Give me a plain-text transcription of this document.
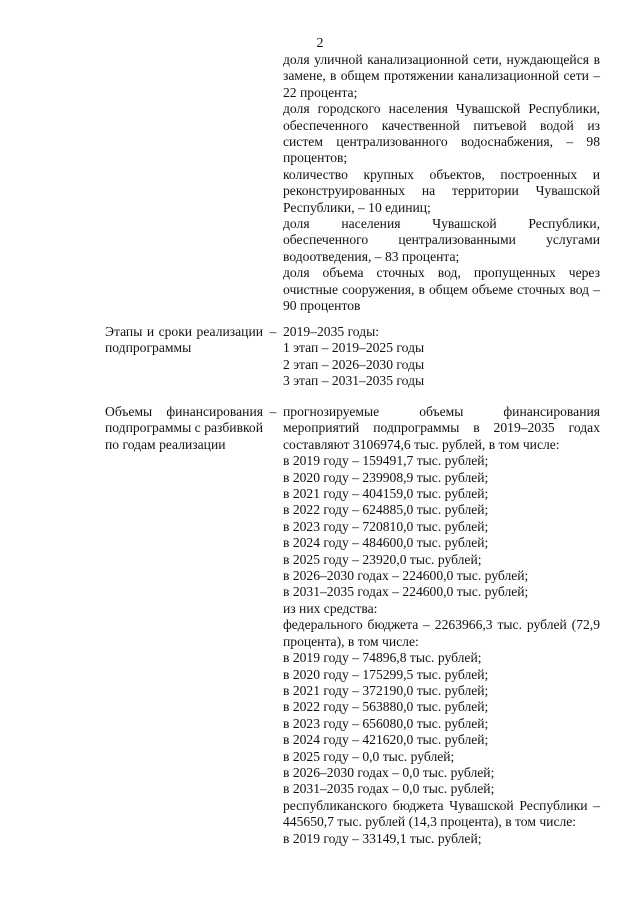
2
доля уличной канализационной сети, нуждающейся в замене, в общем протяжении канализационной сети – 22 процента;
доля городского населения Чувашской Республики, обеспеченного качественной питьевой водой из систем централизованного водоснабжения, – 98 процентов;
количество крупных объектов, построенных и реконструированных на территории Чувашской Республики, – 10 единиц;
доля населения Чувашской Республики, обеспеченного централизованными услугами водоотведения, – 83 процента;
доля объема сточных вод, пропущенных через очистные сооружения, в общем объеме сточных вод – 90 процентов
Этапы и сроки реализации подпрограммы
– 2019–2035 годы:
1 этап – 2019–2025 годы
2 этап – 2026–2030 годы
3 этап – 2031–2035 годы
Объемы финансирования подпрограммы с разбивкой по годам реализации
– прогнозируемые объемы финансирования мероприятий подпрограммы в 2019–2035 годах составляют 3106974,6 тыс. рублей, в том числе:
в 2019 году – 159491,7 тыс. рублей;
в 2020 году – 239908,9 тыс. рублей;
в 2021 году – 404159,0 тыс. рублей;
в 2022 году – 624885,0 тыс. рублей;
в 2023 году – 720810,0 тыс. рублей;
в 2024 году – 484600,0 тыс. рублей;
в 2025 году – 23920,0 тыс. рублей;
в 2026–2030 годах – 224600,0 тыс. рублей;
в 2031–2035 годах – 224600,0 тыс. рублей;
из них средства:
федерального бюджета – 2263966,3 тыс. рублей (72,9 процента), в том числе:
в 2019 году – 74896,8 тыс. рублей;
в 2020 году – 175299,5 тыс. рублей;
в 2021 году – 372190,0 тыс. рублей;
в 2022 году – 563880,0 тыс. рублей;
в 2023 году – 656080,0 тыс. рублей;
в 2024 году – 421620,0 тыс. рублей;
в 2025 году – 0,0 тыс. рублей;
в 2026–2030 годах – 0,0 тыс. рублей;
в 2031–2035 годах – 0,0 тыс. рублей;
республиканского бюджета Чувашской Республики – 445650,7 тыс. рублей (14,3 процента), в том числе:
в 2019 году – 33149,1 тыс. рублей;
